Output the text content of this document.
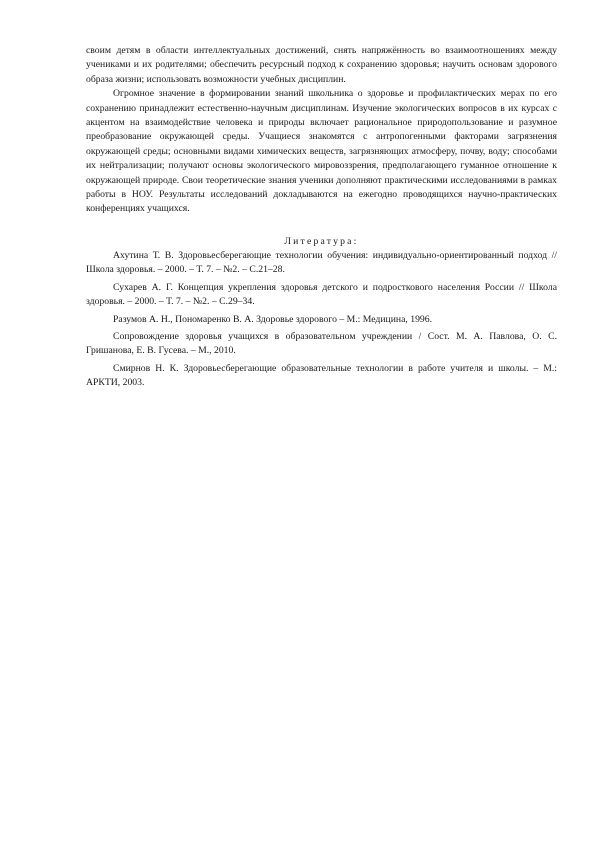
своим детям в области интеллектуальных достижений, снять напряжённость во взаимоотношениях между учениками и их родителями; обеспечить ресурсный подход к сохранению здоровья; научить основам здорового образа жизни; использовать возможности учебных дисциплин.

Огромное значение в формировании знаний школьника о здоровье и профилактических мерах по его сохранению принадлежит естественно-научным дисциплинам. Изучение экологических вопросов в их курсах с акцентом на взаимодействие человека и природы включает рациональное природопользование и разумное преобразование окружающей среды. Учащиеся знакомятся с антропогенными факторами загрязнения окружающей среды; основными видами химических веществ, загрязняющих атмосферу, почву, воду; способами их нейтрализации; получают основы экологического мировоззрения, предполагающего гуманное отношение к окружающей природе. Свои теоретические знания ученики дополняют практическими исследованиями в рамках работы в НОУ. Результаты исследований докладываются на ежегодно проводящихся научно-практических конференциях учащихся.

Литература:
Ахутина Т. В. Здоровьесберегающие технологии обучения: индивидуально-ориентированный подход // Школа здоровья. – 2000. – Т. 7. – №2. – С.21–28.
Сухарев А. Г. Концепция укрепления здоровья детского и подросткового населения России // Школа здоровья. – 2000. – Т. 7. – №2. – С.29–34.
Разумов А. Н., Пономаренко В. А. Здоровье здорового – М.: Медицина, 1996.
Сопровождение здоровья учащихся в образовательном учреждении / Сост. М. А. Павлова, О. С. Гришанова, Е. В. Гусева. – М., 2010.
Смирнов Н. К. Здоровьесберегающие образовательные технологии в работе учителя и школы. – М.: АРКТИ, 2003.
